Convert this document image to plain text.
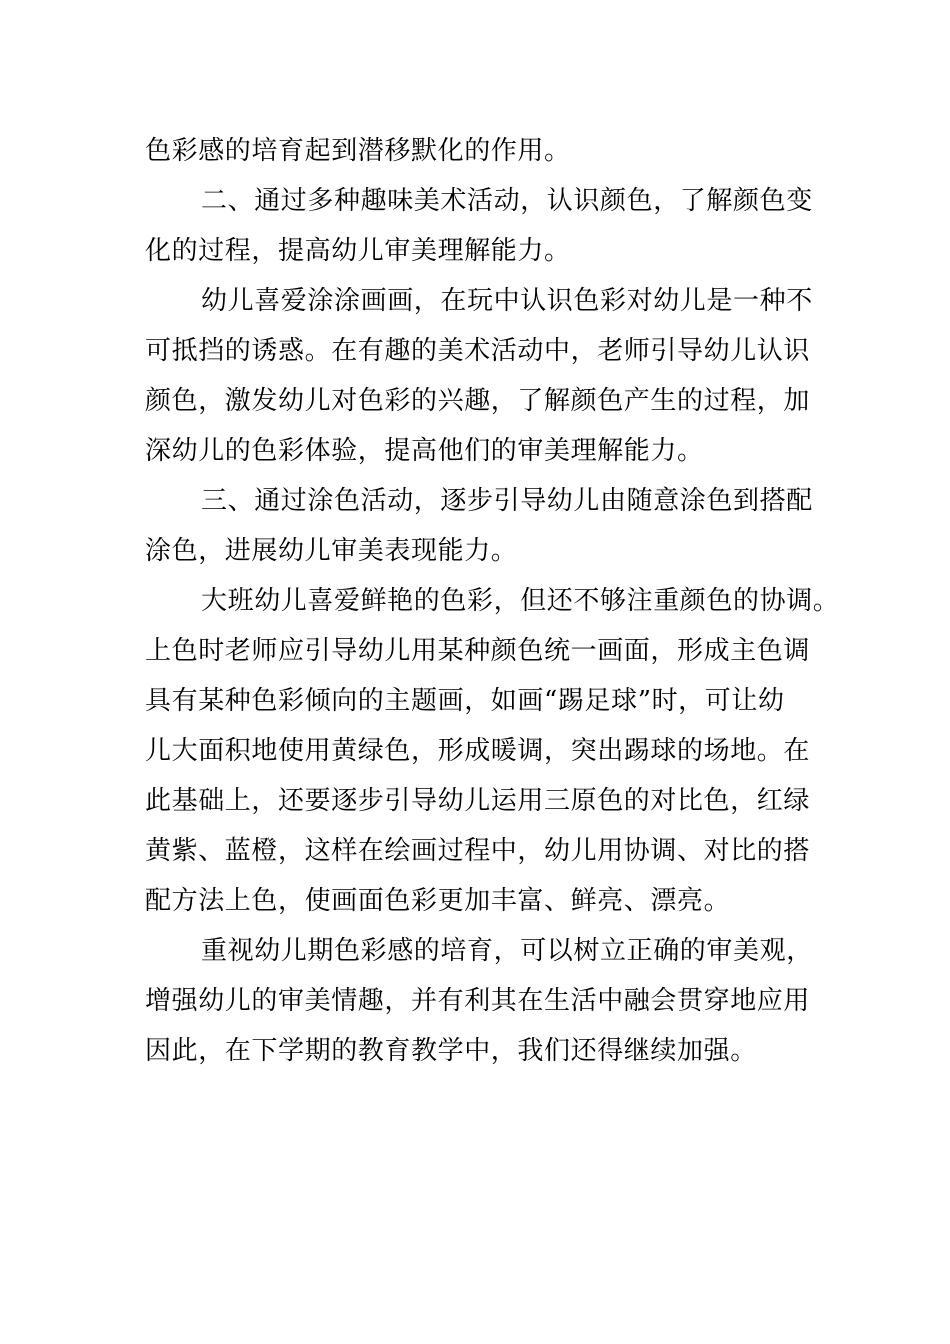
色彩感的培育起到潜移默化的作用。
二、通过多种趣味美术活动，认识颜色，了解颜色变
化的过程，提高幼儿审美理解能力。
幼儿喜爱涂涂画画，在玩中认识色彩对幼儿是一种不
可抵挡的诱惑。在有趣的美术活动中，老师引导幼儿认识
颜色，激发幼儿对色彩的兴趣，了解颜色产生的过程，加
深幼儿的色彩体验，提高他们的审美理解能力。
三、通过涂色活动，逐步引导幼儿由随意涂色到搭配
涂色，进展幼儿审美表现能力。
大班幼儿喜爱鲜艳的色彩，但还不够注重颜色的协调。
上色时老师应引导幼儿用某种颜色统一画面，形成主色调
具有某种色彩倾向的主题画，如画“踢足球”时，可让幼
儿大面积地使用黄绿色，形成暖调，突出踢球的场地。在
此基础上，还要逐步引导幼儿运用三原色的对比色，红绿
黄紫、蓝橙，这样在绘画过程中，幼儿用协调、对比的搭
配方法上色，使画面色彩更加丰富、鲜亮、漂亮。
重视幼儿期色彩感的培育，可以树立正确的审美观，
增强幼儿的审美情趣，并有利其在生活中融会贯穿地应用
因此，在下学期的教育教学中，我们还得继续加强。
